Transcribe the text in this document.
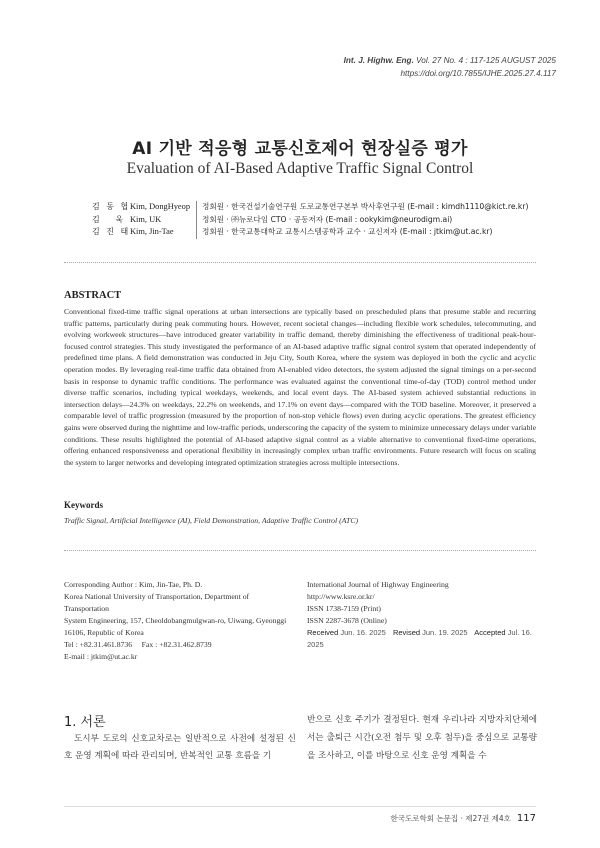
Int. J. Highw. Eng. Vol. 27 No. 4 : 117-125 AUGUST 2025
https://doi.org/10.7855/IJHE.2025.27.4.117
AI 기반 적응형 교통신호제어 현장실증 평가
Evaluation of AI-Based Adaptive Traffic Signal Control
김 동 협 Kim, DongHyeop	정회원 · 한국건설기술연구원 도로교통연구본부 박사후연구원 (E-mail : kimdh1110@kict.re.kr)
김   욱 Kim, UK	정회원 · ㈜뉴로다임 CTO · 공동저자 (E-mail : ookykim@neurodigm.ai)
김 진 태 Kim, Jin-Tae	정회원 · 한국교통대학교 교통시스템공학과 교수 · 교신저자 (E-mail : jtkim@ut.ac.kr)
ABSTRACT
Conventional fixed-time traffic signal operations at urban intersections are typically based on prescheduled plans that presume stable and recurring traffic patterns, particularly during peak commuting hours. However, recent societal changes—including flexible work schedules, telecommuting, and evolving workweek structures—have introduced greater variability in traffic demand, thereby diminishing the effectiveness of traditional peak-hour-focused control strategies. This study investigated the performance of an AI-based adaptive traffic signal control system that operated independently of predefined time plans. A field demonstration was conducted in Jeju City, South Korea, where the system was deployed in both the cyclic and acyclic operation modes. By leveraging real-time traffic data obtained from AI-enabled video detectors, the system adjusted the signal timings on a per-second basis in response to dynamic traffic conditions. The performance was evaluated against the conventional time-of-day (TOD) control method under diverse traffic scenarios, including typical weekdays, weekends, and local event days. The AI-based system achieved substantial reductions in intersection delays—24.3% on weekdays, 22.2% on weekends, and 17.1% on event days—compared with the TOD baseline. Moreover, it preserved a comparable level of traffic progression (measured by the proportion of non-stop vehicle flows) even during acyclic operations. The greatest efficiency gains were observed during the nighttime and low-traffic periods, underscoring the capacity of the system to minimize unnecessary delays under variable conditions. These results highlighted the potential of AI-based adaptive signal control as a viable alternative to conventional fixed-time operations, offering enhanced responsiveness and operational flexibility in increasingly complex urban traffic environments. Future research will focus on scaling the system to larger networks and developing integrated optimization strategies across multiple intersections.
Keywords
Traffic Signal, Artificial Intelligence (AI), Field Demonstration, Adaptive Traffic Control (ATC)
Corresponding Author : Kim, Jin-Tae, Ph. D.
Korea National University of Transportation, Department of Transportation
System Engineering, 157, Cheoldobangmulgwan-ro, Uiwang, Gyeonggi
16106, Republic of Korea
Tel : +82.31.461.8736     Fax : +82.31.462.8739
E-mail : jtkim@ut.ac.kr
International Journal of Highway Engineering
http://www.ksre.or.kr/
ISSN 1738-7159 (Print)
ISSN 2287-3678 (Online)
Received Jun. 16. 2025 Revised Jun. 19. 2025 Accepted Jul. 16. 2025
1. 서론
도시부 도로의 신호교차로는 일반적으로 사전에 설정된 신호 운영 계획에 따라 관리되며, 반복적인 교통 흐름을 기
반으로 신호 주기가 결정된다. 현재 우리나라 지방자치단체에서는 출퇴근 시간(오전 첨두 및 오후 첨두)을 중심으로 교통량을 조사하고, 이를 바탕으로 신호 운영 계획을 수
한국도로학회 논문집 · 제27권 제4호 117
